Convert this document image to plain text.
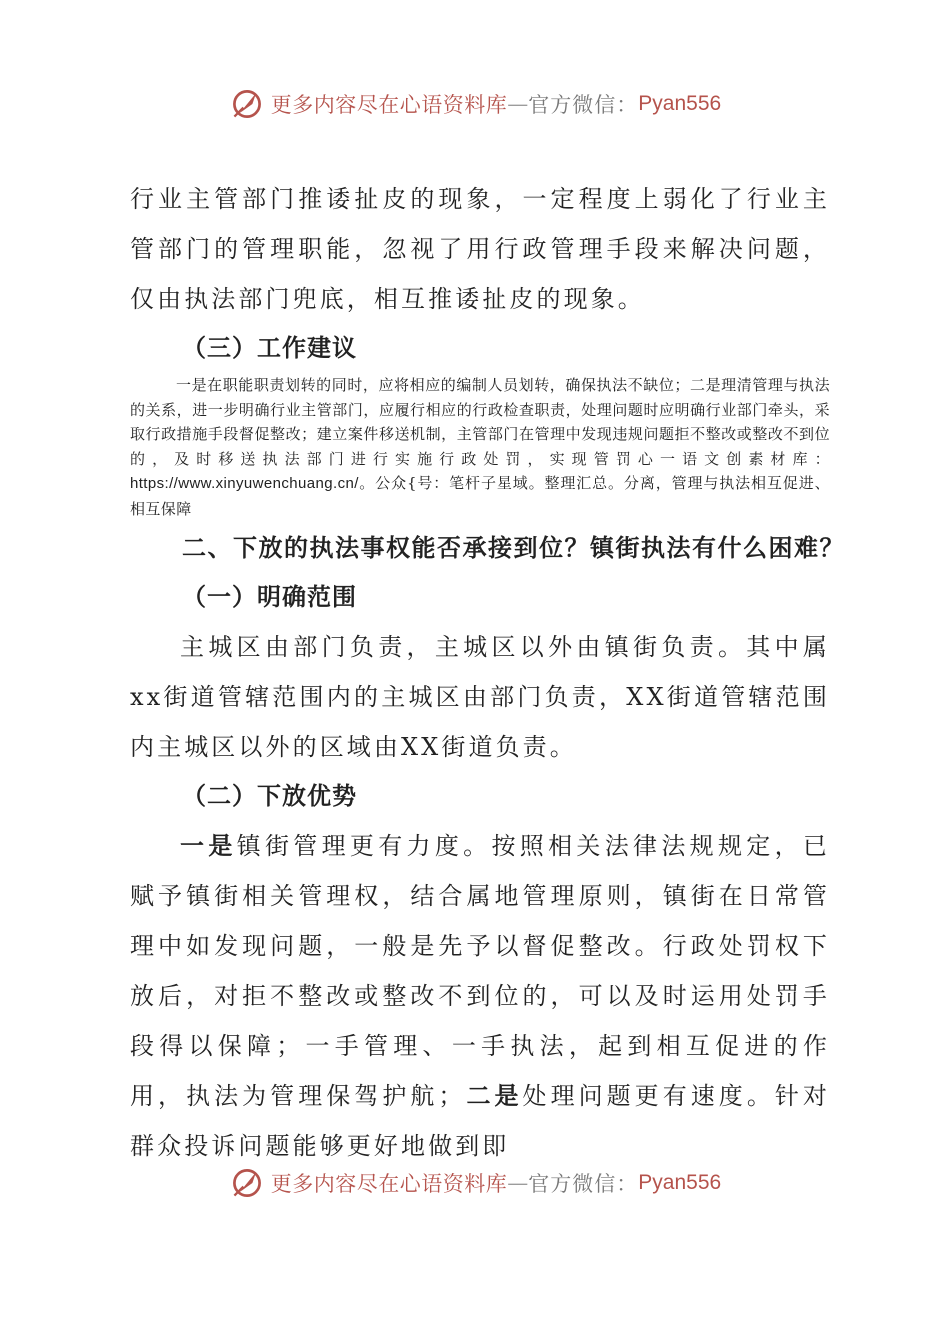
更多内容尽在心语资料库 — 官方微信： Pyan556

行业主管部门推诿扯皮的现象，一定程度上弱化了行业主管部门的管理职能，忽视了用行政管理手段来解决问题，仅由执法部门兜底，相互推诿扯皮的现象。

（三）工作建议

一是在职能职责划转的同时，应将相应的编制人员划转，确保执法不缺位；二是理清管理与执法的关系，进一步明确行业主管部门，应履行相应的行政检查职责，处理问题时应明确行业部门牵头，采取行政措施手段督促整改；建立案件移送机制，主管部门在管理中发现违规问题拒不整改或整改不到位的，及时移送执法部门进行实施行政处罚，实现管罚心一语文创素材库：https://www.xinyuwenchuang.cn/。公众{号：笔杆子星域。整理汇总。分离，管理与执法相互促进、相互保障

二、下放的执法事权能否承接到位？镇街执法有什么困难？
（一）明确范围

主城区由部门负责，主城区以外由镇街负责。其中属xx街道管辖范围内的主城区由部门负责，XX街道管辖范围内主城区以外的区域由XX街道负责。

（二）下放优势

一是镇街管理更有力度。按照相关法律法规规定，已赋予镇街相关管理权，结合属地管理原则，镇街在日常管理中如发现问题，一般是先予以督促整改。行政处罚权下放后，对拒不整改或整改不到位的，可以及时运用处罚手段得以保障；一手管理、一手执法，起到相互促进的作用，执法为管理保驾护航；二是处理问题更有速度。针对群众投诉问题能够更好地做到即

更多内容尽在心语资料库 — 官方微信： Pyan556
